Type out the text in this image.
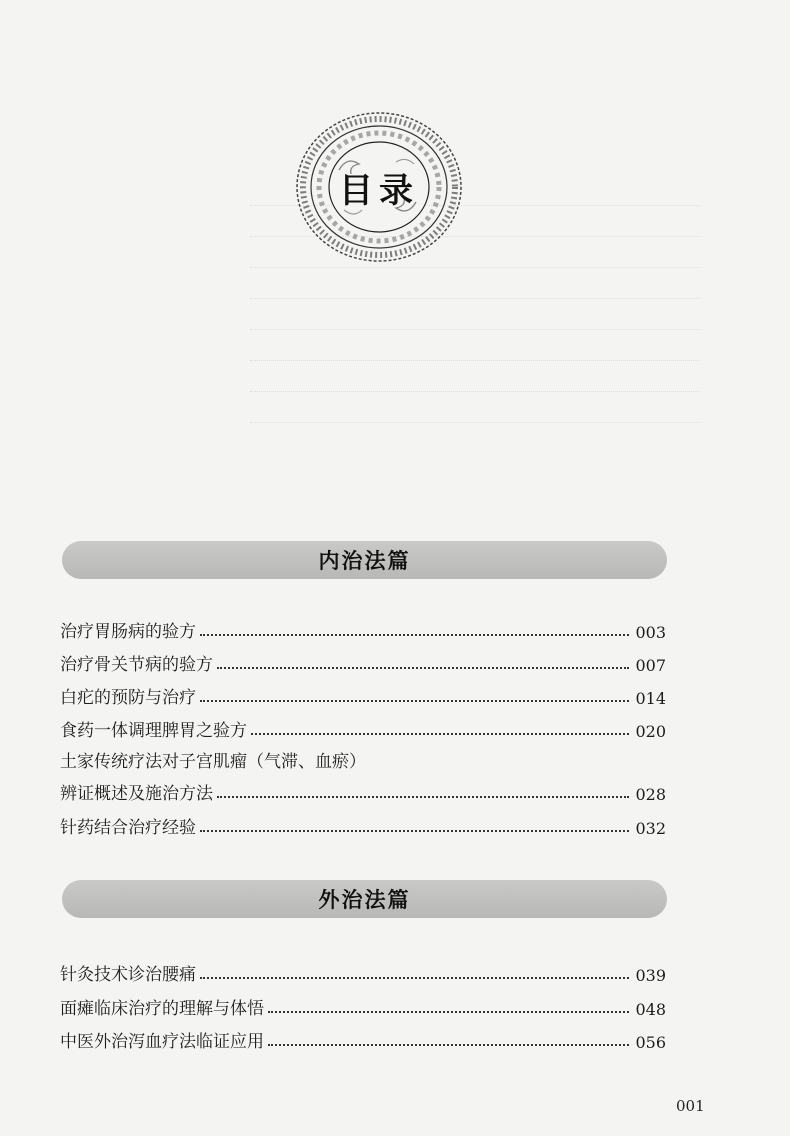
目录
内治法篇
治疗胃肠病的验方	003
治疗骨关节病的验方	007
白疕的预防与治疗	014
食药一体调理脾胃之验方	020
土家传统疗法对子宫肌瘤（气滞、血瘀）
辨证概述及施治方法	028
针药结合治疗经验	032
外治法篇
针灸技术诊治腰痛	039
面瘫临床治疗的理解与体悟	048
中医外治泻血疗法临证应用	056
001
